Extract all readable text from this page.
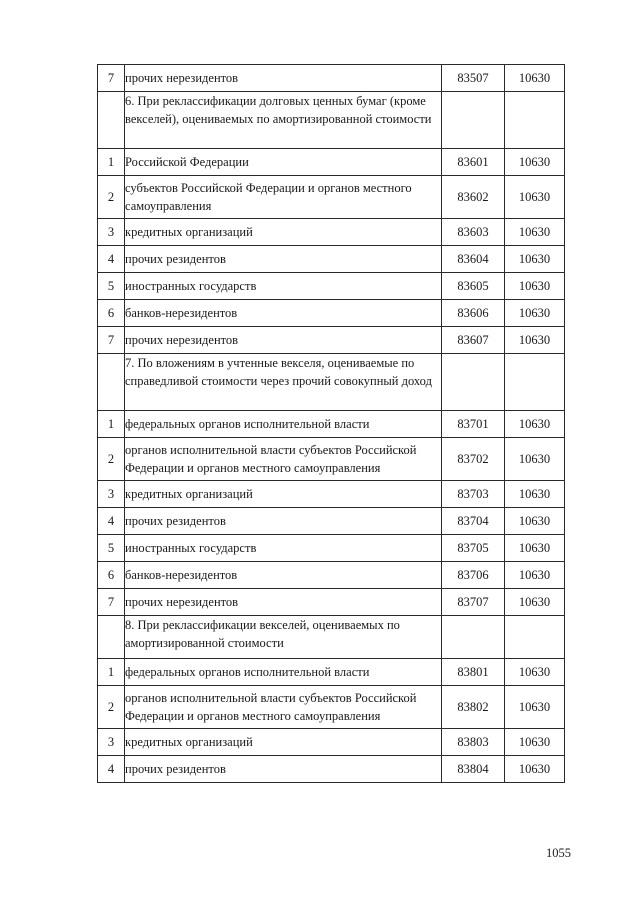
7	прочих нерезидентов	83507	10630
	6. При реклассификации долговых ценных бумаг (кроме векселей), оцениваемых по амортизированной стоимости		
1	Российской Федерации	83601	10630
2	субъектов Российской Федерации и органов местного самоуправления	83602	10630
3	кредитных организаций	83603	10630
4	прочих резидентов	83604	10630
5	иностранных государств	83605	10630
6	банков-нерезидентов	83606	10630
7	прочих нерезидентов	83607	10630
	7. По вложениям в учтенные векселя, оцениваемые по справедливой стоимости через прочий совокупный доход		
1	федеральных органов исполнительной власти	83701	10630
2	органов исполнительной власти субъектов Российской Федерации и органов местного самоуправления	83702	10630
3	кредитных организаций	83703	10630
4	прочих резидентов	83704	10630
5	иностранных государств	83705	10630
6	банков-нерезидентов	83706	10630
7	прочих нерезидентов	83707	10630
	8. При реклассификации векселей, оцениваемых по амортизированной стоимости		
1	федеральных органов исполнительной власти	83801	10630
2	органов исполнительной власти субъектов Российской Федерации и органов местного самоуправления	83802	10630
3	кредитных организаций	83803	10630
4	прочих резидентов	83804	10630
1055
